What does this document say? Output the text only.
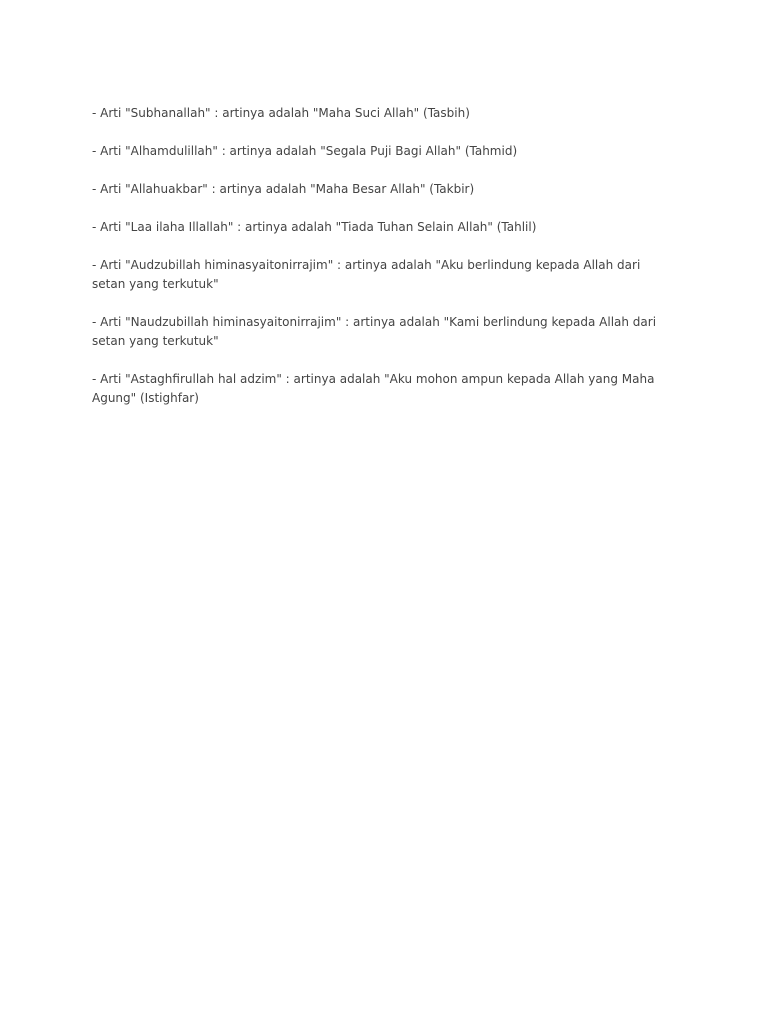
- Arti "Subhanallah" : artinya adalah "Maha Suci Allah" (Tasbih)

- Arti "Alhamdulillah" : artinya adalah "Segala Puji Bagi Allah" (Tahmid)

- Arti "Allahuakbar" : artinya adalah "Maha Besar Allah" (Takbir)

- Arti "Laa ilaha Illallah" : artinya adalah "Tiada Tuhan Selain Allah" (Tahlil)

- Arti "Audzubillah himinasyaitonirrajim" : artinya adalah "Aku berlindung kepada Allah dari setan yang terkutuk"

- Arti "Naudzubillah himinasyaitonirrajim" : artinya adalah "Kami berlindung kepada Allah dari setan yang terkutuk"

- Arti "Astaghfirullah hal adzim" : artinya adalah "Aku mohon ampun kepada Allah yang Maha Agung" (Istighfar)
